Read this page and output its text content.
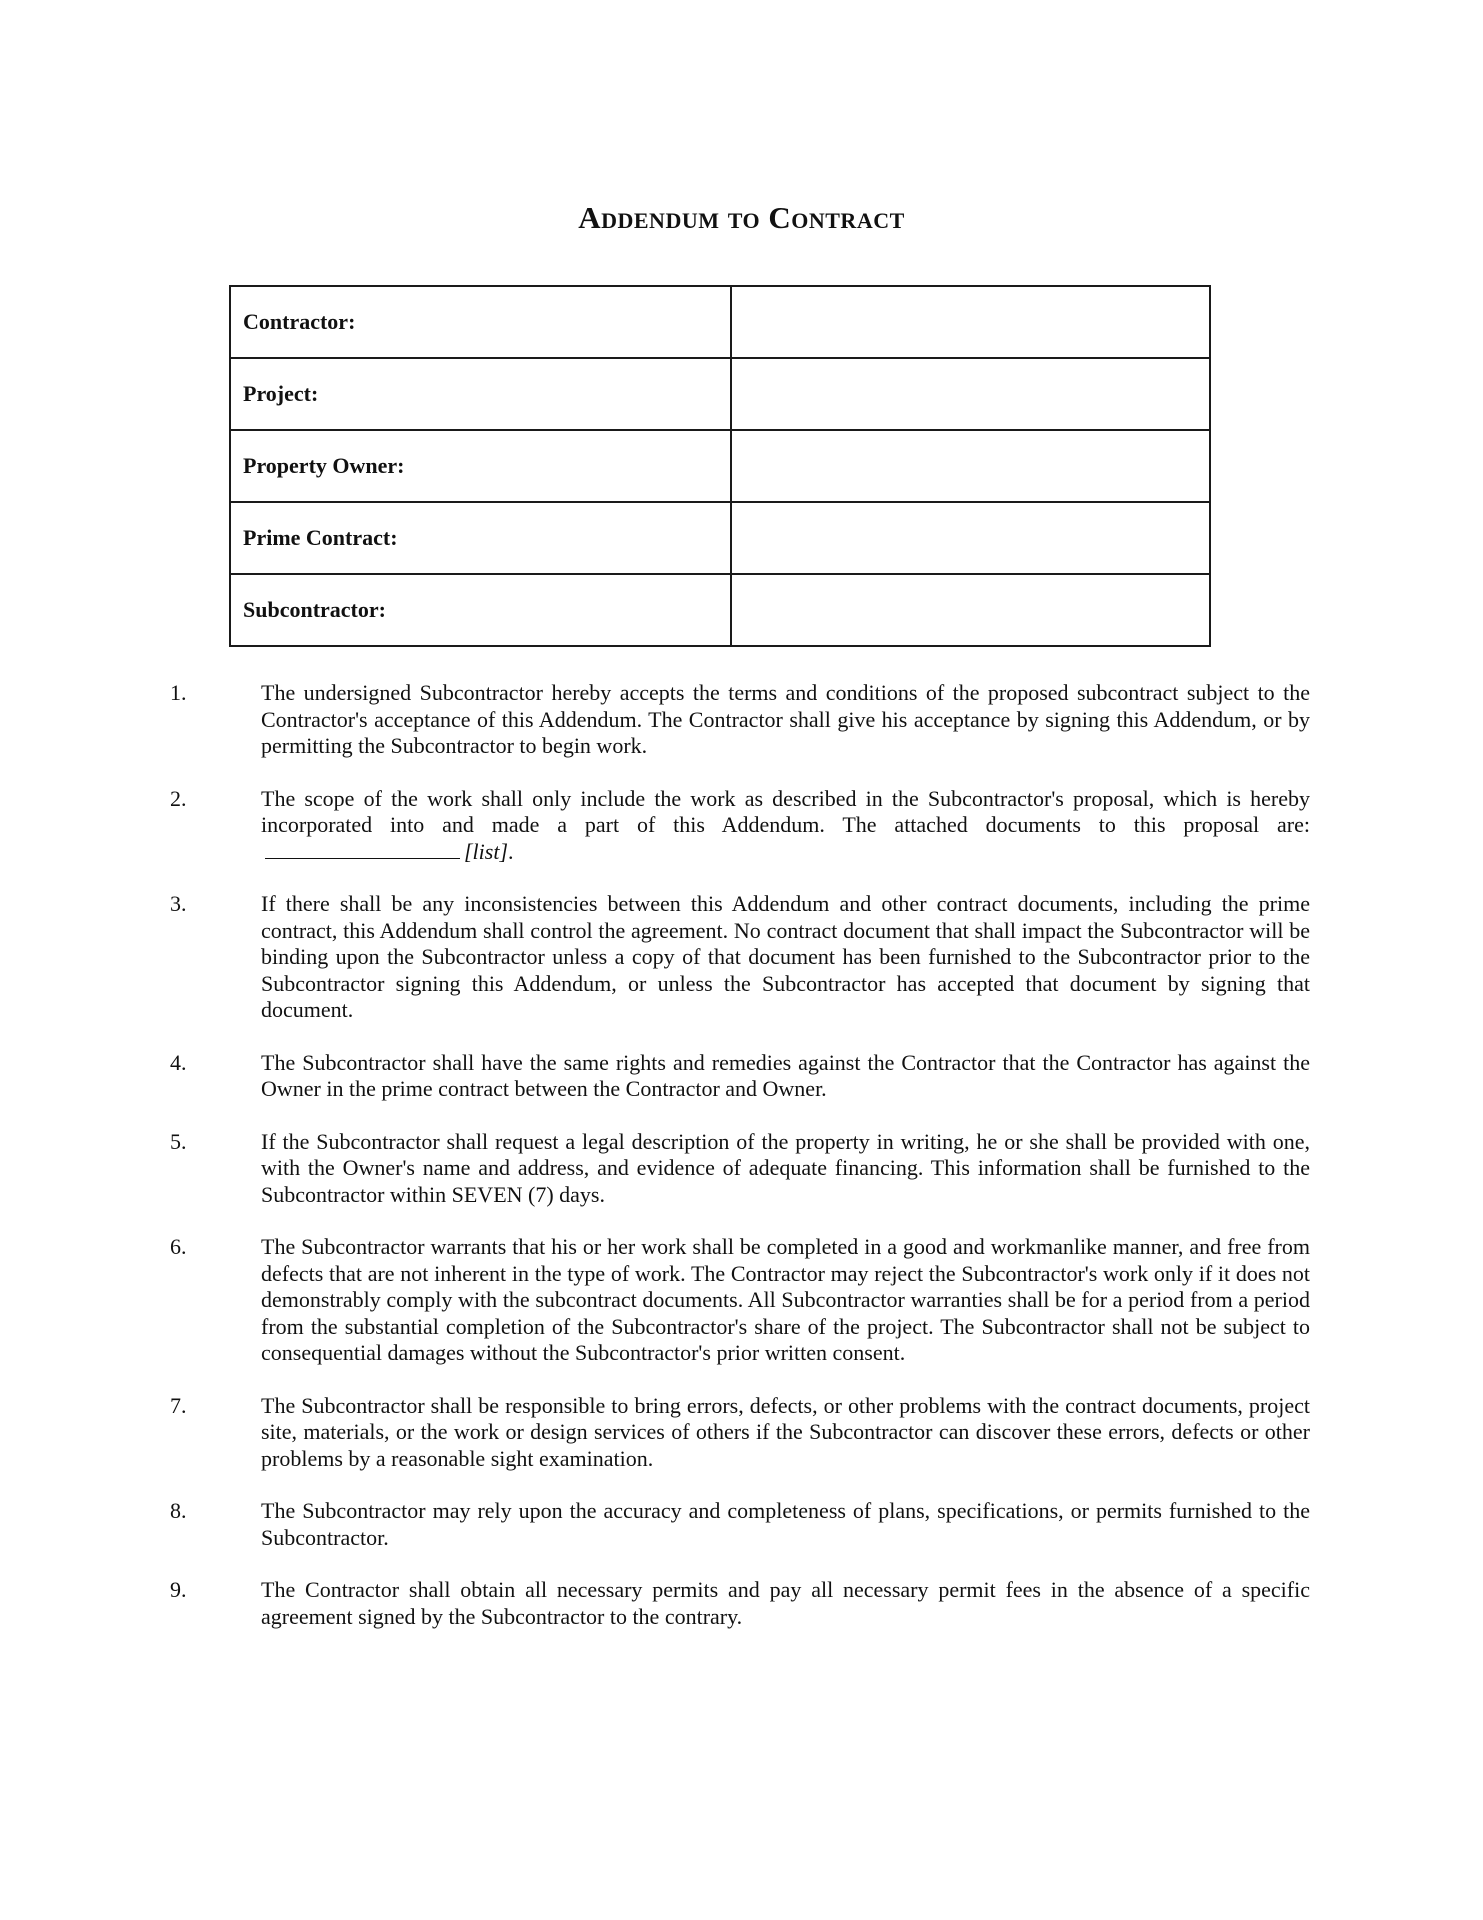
Addendum to Contract
Contractor:	
Project:	
Property Owner:	
Prime Contract:	
Subcontractor:	
1.	The undersigned Subcontractor hereby accepts the terms and conditions of the proposed subcontract subject to the Contractor's acceptance of this Addendum. The Contractor shall give his acceptance by signing this Addendum, or by permitting the Subcontractor to begin work.
2.	The scope of the work shall only include the work as described in the Subcontractor's proposal, which is hereby incorporated into and made a part of this Addendum. The attached documents to this proposal are:[list].
3.	If there shall be any inconsistencies between this Addendum and other contract documents, including the prime contract, this Addendum shall control the agreement. No contract document that shall impact the Subcontractor will be binding upon the Subcontractor unless a copy of that document has been furnished to the Subcontractor prior to the Subcontractor signing this Addendum, or unless the Subcontractor has accepted that document by signing that document.
4.	The Subcontractor shall have the same rights and remedies against the Contractor that the Contractor has against the Owner in the prime contract between the Contractor and Owner.
5.	If the Subcontractor shall request a legal description of the property in writing, he or she shall be provided with one, with the Owner's name and address, and evidence of adequate financing. This information shall be furnished to the Subcontractor within SEVEN (7) days.
6.	The Subcontractor warrants that his or her work shall be completed in a good and workmanlike manner, and free from defects that are not inherent in the type of work. The Contractor may reject the Subcontractor's work only if it does not demonstrably comply with the subcontract documents. All Subcontractor warranties shall be for a period from a period from the substantial completion of the Subcontractor's share of the project. The Subcontractor shall not be subject to consequential damages without the Subcontractor's prior written consent.
7.	The Subcontractor shall be responsible to bring errors, defects, or other problems with the contract documents, project site, materials, or the work or design services of others if the Subcontractor can discover these errors, defects or other problems by a reasonable sight examination.
8.	The Subcontractor may rely upon the accuracy and completeness of plans, specifications, or permits furnished to the Subcontractor.
9.	The Contractor shall obtain all necessary permits and pay all necessary permit fees in the absence of a specific agreement signed by the Subcontractor to the contrary.
